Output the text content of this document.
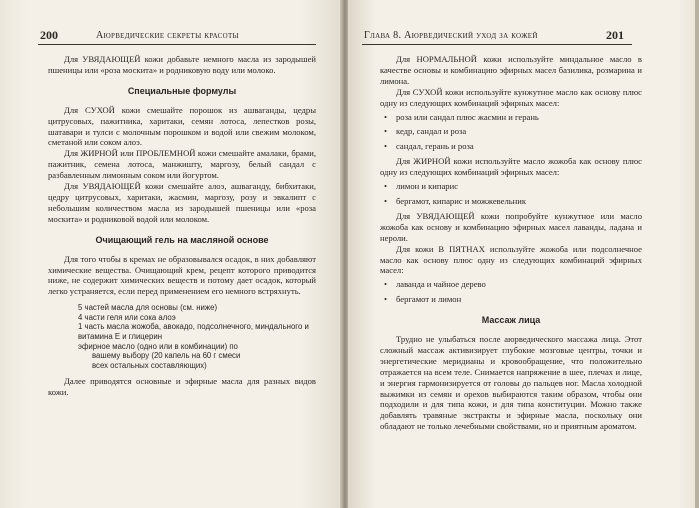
200	Аюрведические секреты красоты

Для УВЯДАЮЩЕЙ кожи добавьте немного масла из зародышей пшеницы или «роза москита» и родниковую воду или молоко.

Специальные формулы

Для СУХОЙ кожи смешайте порошок из ашваганды, цедры цитрусовых, пажитника, харитаки, семян лотоса, лепестков розы, шатавари и тулси с молочным порошком и водой или свежим молоком, сметаной или соком алоэ.

Для ЖИРНОЙ или ПРОБЛЕМНОЙ кожи смешайте амалаки, брами, пажитник, семена лотоса, манжишту, маргозу, белый сандал с разбавленным лимонным соком или йогуртом.

Для УВЯДАЮЩЕЙ кожи смешайте алоэ, ашваганду, бибхитаки, цедру цитрусовых, харитаки, жасмин, маргозу, розу и эвкалипт с небольшим количеством масла из зародышей пшеницы или «роза москита» и родниковой водой или молоком.

Очищающий гель на масляной основе

Для того чтобы в кремах не образовывался осадок, в них добавляют химические вещества. Очищающий крем, рецепт которого приводится ниже, не содержит химических веществ и потому дает осадок, который легко устраняется, если перед применением его немного встряхнуть.

5 частей масла для основы (см. ниже)
4 части геля или сока алоэ
1 часть масла жожоба, авокадо, подсолнечного, миндального и витамина Е и глицерин
эфирное масло (одно или в комбинации) по
вашему выбору (20 капель на 60 г смеси
всех остальных составляющих)

Далее приводятся основные и эфирные масла для разных видов кожи.

Глава 8. Аюрведический уход за кожей	201

Для НОРМАЛЬНОЙ кожи используйте миндальное масло в качестве основы и комбинацию эфирных масел базилика, розмарина и лимона.

Для СУХОЙ кожи используйте кунжутное масло как основу плюс одну из следующих комбинаций эфирных масел:

• роза или сандал плюс жасмин и герань
• кедр, сандал и роза
• сандал, герань и роза

Для ЖИРНОЙ кожи используйте масло жожоба как основу плюс одну из следующих комбинаций эфирных масел:

• лимон и кипарис
• бергамот, кипарис и можжевельник

Для УВЯДАЮЩЕЙ кожи попробуйте кунжутное или масло жожоба как основу и комбинацию эфирных масел лаванды, ладана и нероли.

Для кожи В ПЯТНАХ используйте жожоба или подсолнечное масло как основу плюс одну из следующих комбинаций эфирных масел:

• лаванда и чайное дерево
• бергамот и лимон
Массаж лица

Трудно не улыбаться после аюрведического массажа лица. Этот сложный массаж активизирует глубокие мозговые центры, точки и энергетические меридианы и кровообращение, что положительно отражается на всем теле. Снимается напряжение в шее, плечах и лице, и энергия гармонизируется от головы до пальцев ног. Масла холодной выжимки из семян и орехов выбираются таким образом, чтобы они подходили и для типа кожи, и для типа конституции. Можно также добавлять травяные экстракты и эфирные масла, поскольку они обладают не только лечебными свойствами, но и приятным ароматом.
